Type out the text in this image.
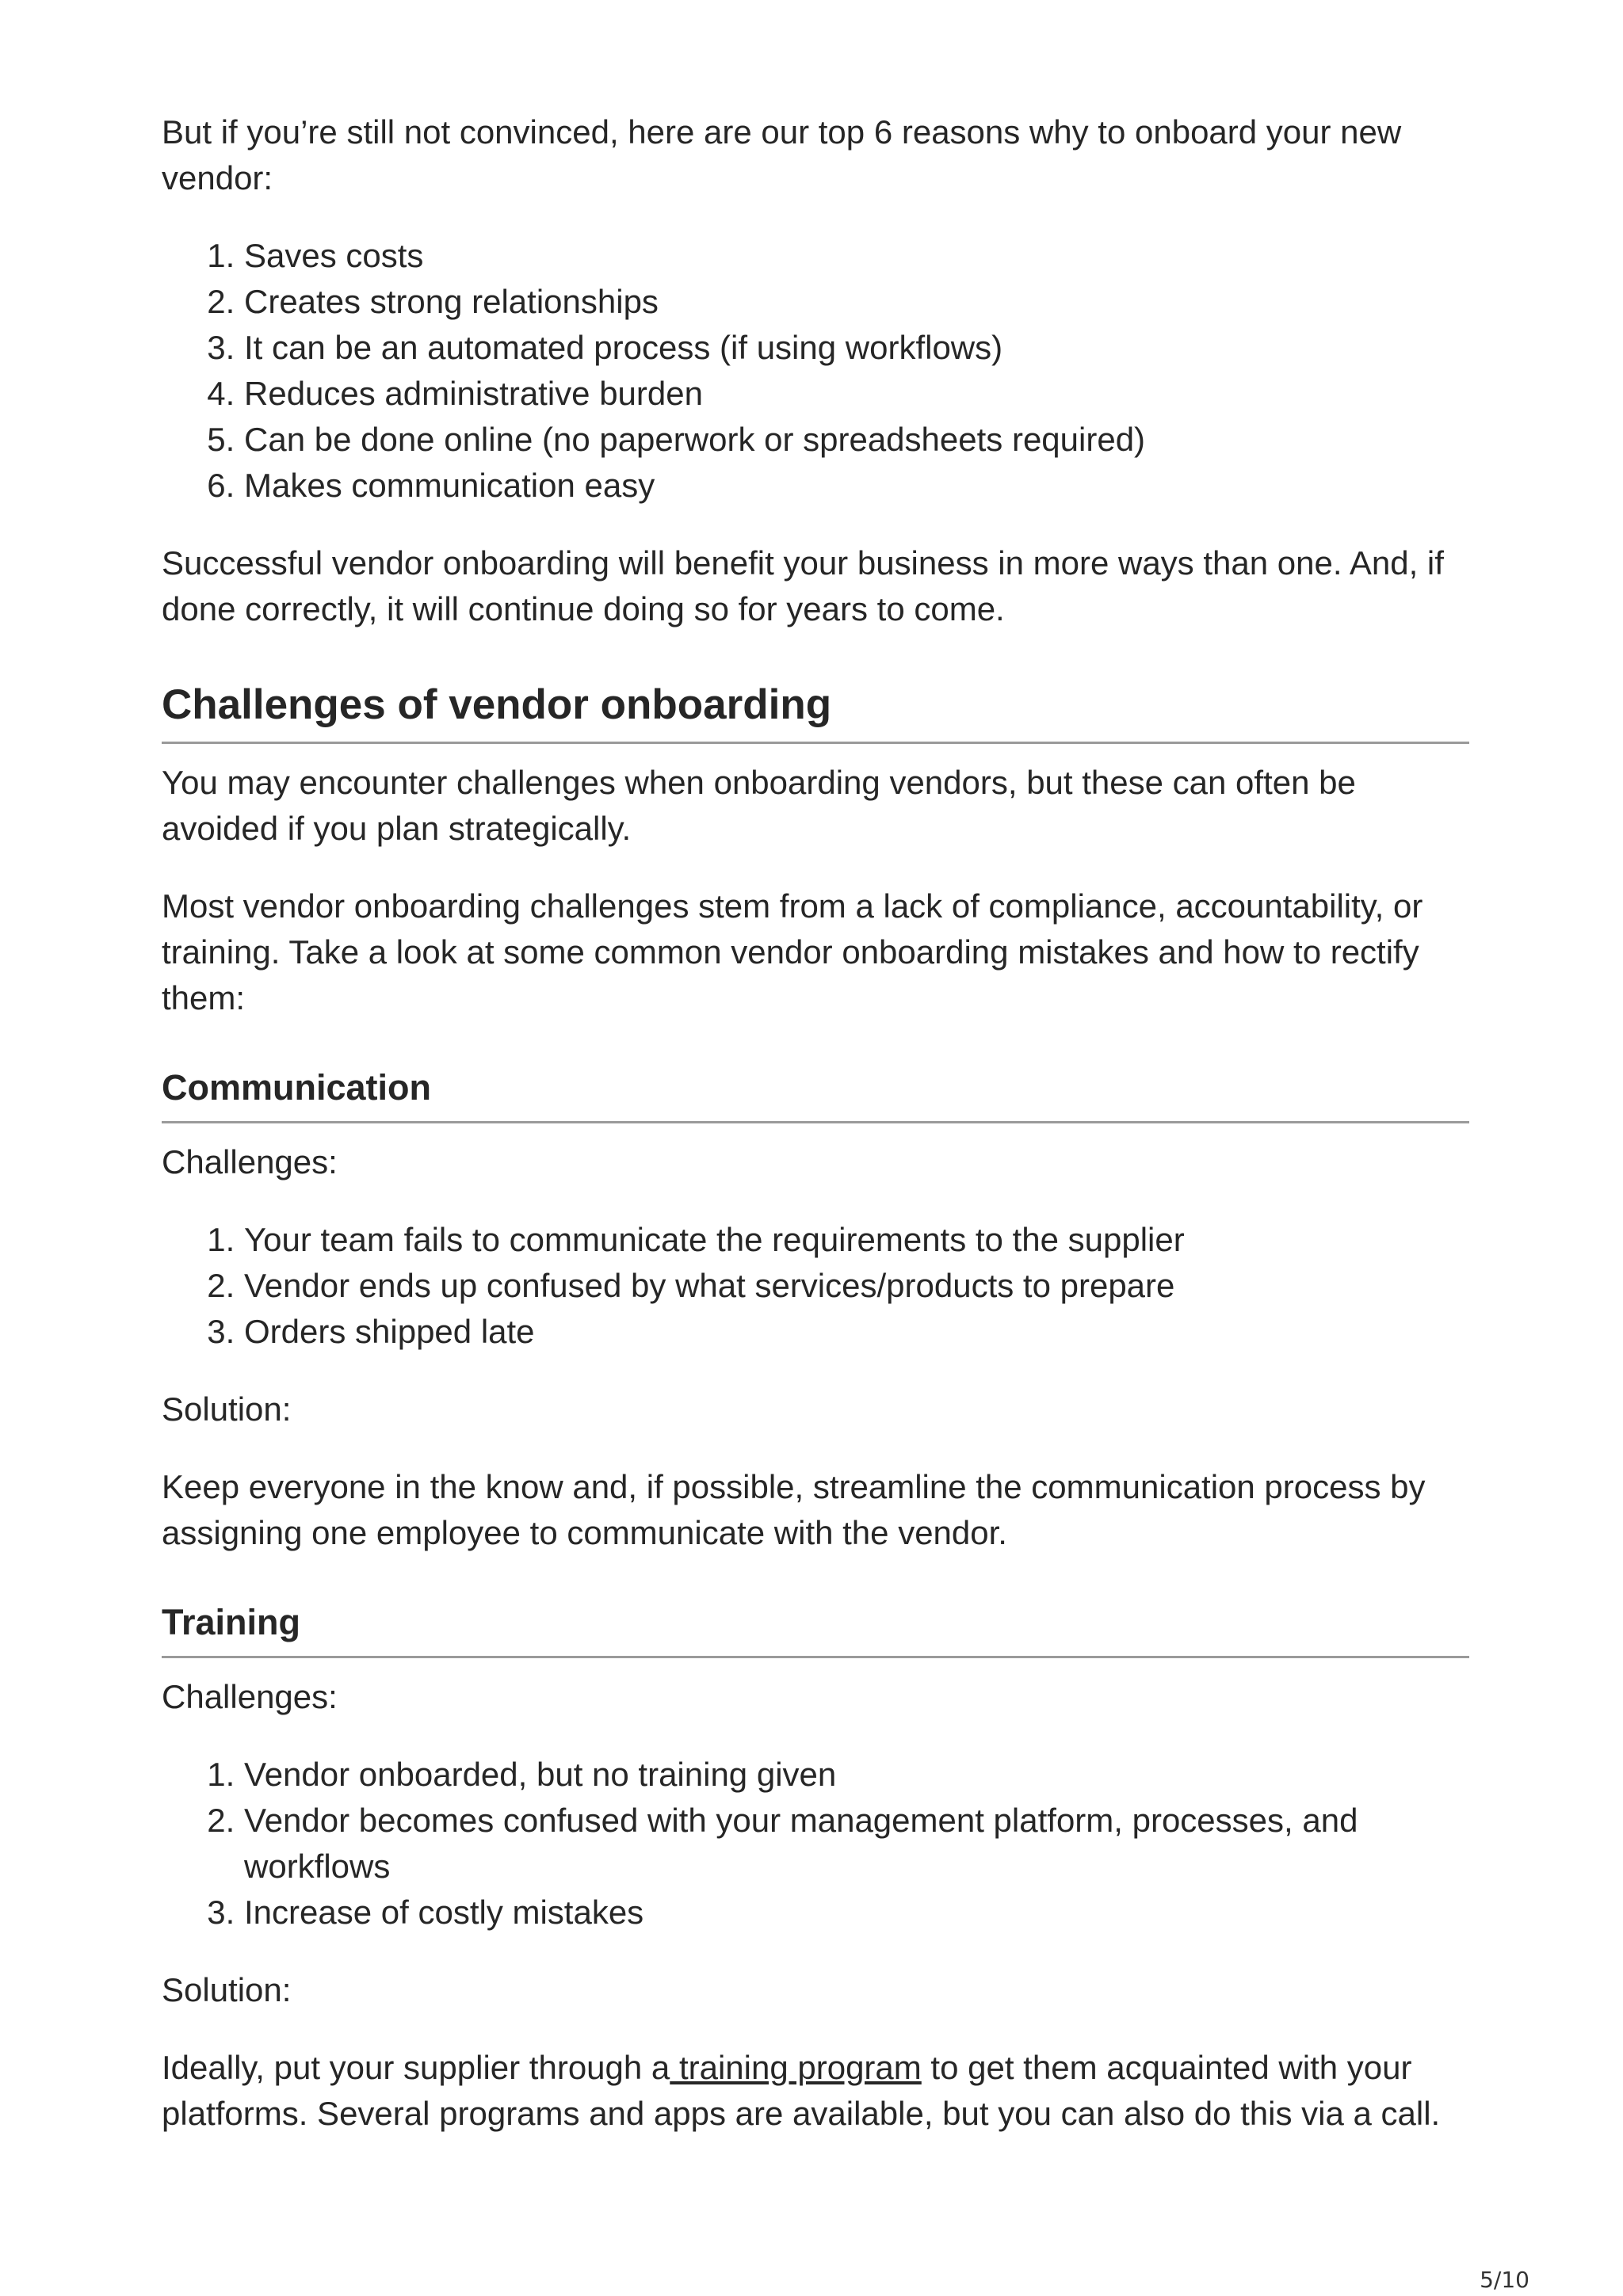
But if you’re still not convinced, here are our top 6 reasons why to onboard your new vendor:

1. Saves costs
2. Creates strong relationships
3. It can be an automated process (if using workflows)
4. Reduces administrative burden
5. Can be done online (no paperwork or spreadsheets required)
6. Makes communication easy

Successful vendor onboarding will benefit your business in more ways than one. And, if done correctly, it will continue doing so for years to come.

Challenges of vendor onboarding

You may encounter challenges when onboarding vendors, but these can often be avoided if you plan strategically.

Most vendor onboarding challenges stem from a lack of compliance, accountability, or training. Take a look at some common vendor onboarding mistakes and how to rectify them:

Communication

Challenges:

1. Your team fails to communicate the requirements to the supplier
2. Vendor ends up confused by what services/products to prepare
3. Orders shipped late

Solution:

Keep everyone in the know and, if possible, streamline the communication process by assigning one employee to communicate with the vendor.

Training

Challenges:

1. Vendor onboarded, but no training given
2. Vendor becomes confused with your management platform, processes, and workflows
3. Increase of costly mistakes

Solution:

Ideally, put your supplier through a training program to get them acquainted with your platforms. Several programs and apps are available, but you can also do this via a call.

5/10
